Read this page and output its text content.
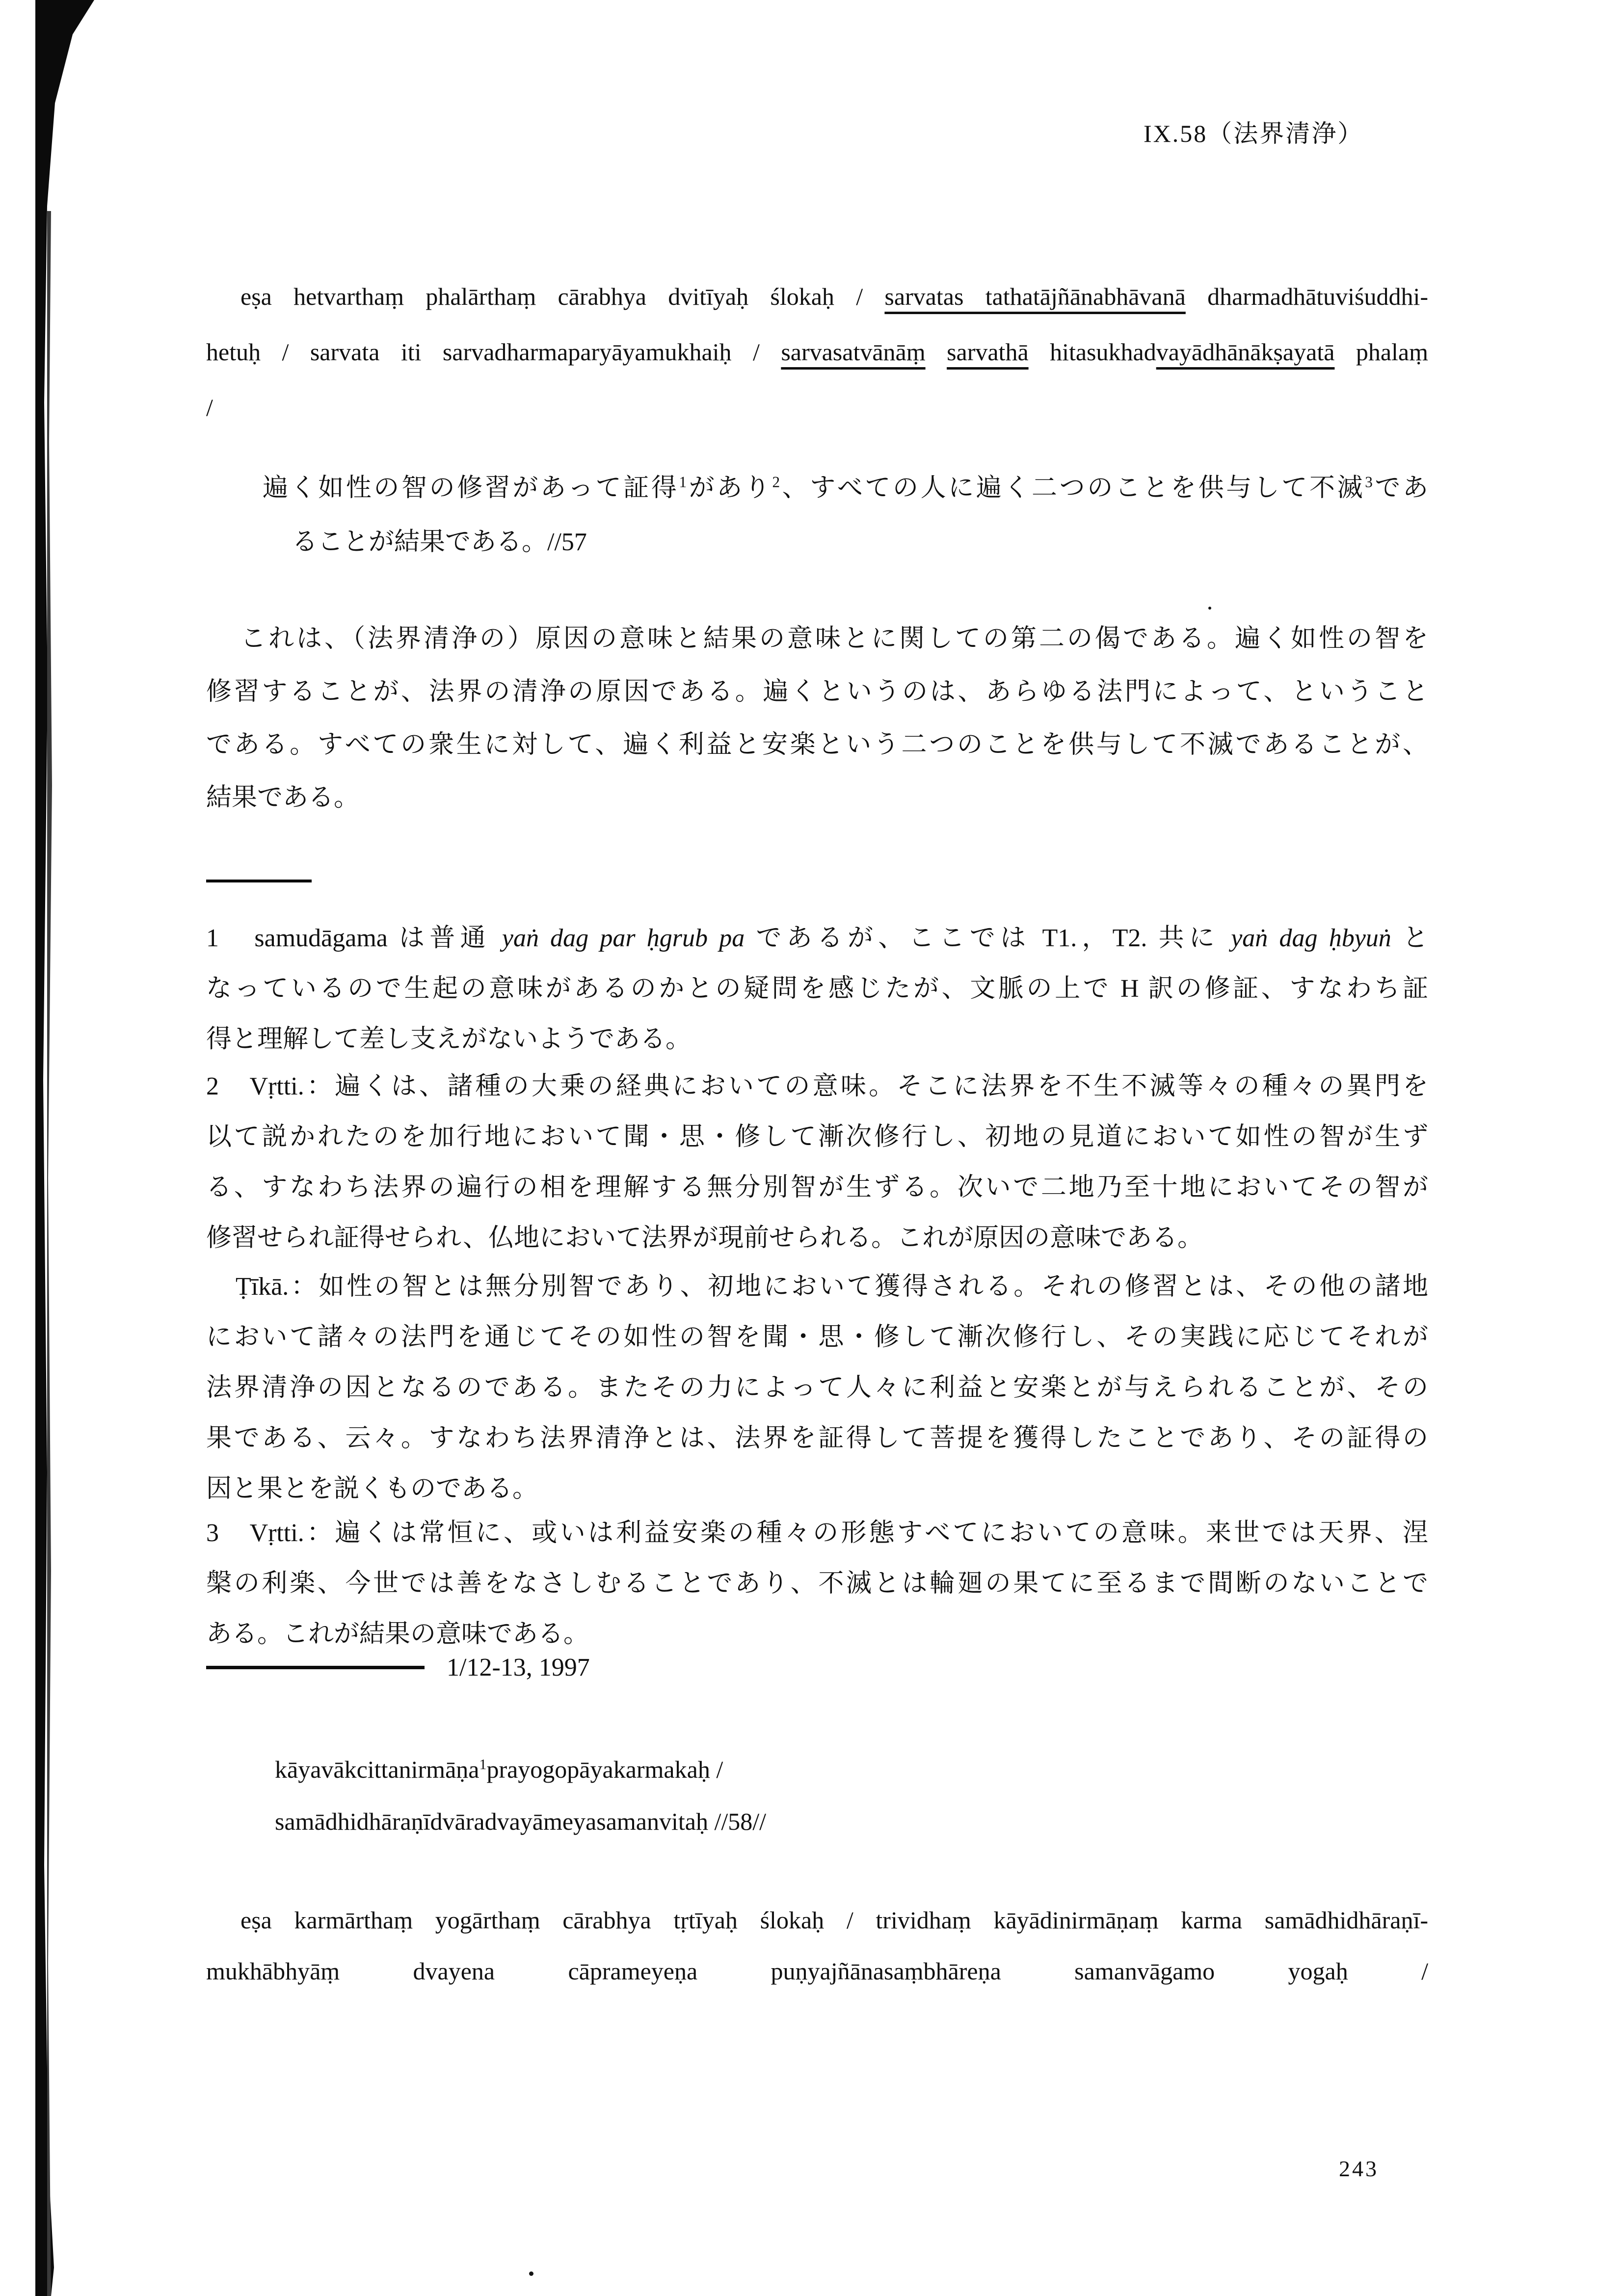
IX.58（法界清浄）
eṣa hetvarthaṃ phalārthaṃ cārabhya dvitīyaḥ ślokaḥ / sarvatas tathatājñānabhāvanā dharmadhātuviśuddhi-
hetuḥ / sarvata iti sarvadharmaparyāyamukhaiḥ / sarvasatvānāṃ sarvathā hitasukhadvayādhānākṣayatā phalaṃ
/
遍く如性の智の修習があって証得$^1$があり$^2$、すべての人に遍く二つのことを供与して不滅$^3$であ
ることが結果である。//57
これは、（法界清浄の）原因の意味と結果の意味とに関しての第二の偈である。遍く如性の智を
修習することが、法界の清浄の原因である。遍くというのは、あらゆる法門によって、ということ
である。すべての衆生に対して、遍く利益と安楽という二つのことを供与して不滅であることが、
結果である。
1　samudāgama は普通 yaṅ dag par ḥgrub pa であるが、ここでは T1.，T2. 共に yaṅ dag ḥbyuṅ と
なっているので生起の意味があるのかとの疑問を感じたが、文脈の上で H 訳の修証、すなわち証
得と理解して差し支えがないようである。
2　Vṛtti.：遍くは、諸種の大乗の経典においての意味。そこに法界を不生不滅等々の種々の異門を
以て説かれたのを加行地において聞・思・修して漸次修行し、初地の見道において如性の智が生ず
る、すなわち法界の遍行の相を理解する無分別智が生ずる。次いで二地乃至十地においてその智が
修習せられ証得せられ、仏地において法界が現前せられる。これが原因の意味である。
Ṭīkā.：如性の智とは無分別智であり、初地において獲得される。それの修習とは、その他の諸地
において諸々の法門を通じてその如性の智を聞・思・修して漸次修行し、その実践に応じてそれが
法界清浄の因となるのである。またその力によって人々に利益と安楽とが与えられることが、その
果である、云々。すなわち法界清浄とは、法界を証得して菩提を獲得したことであり、その証得の
因と果とを説くものである。
3　Vṛtti.：遍くは常恒に、或いは利益安楽の種々の形態すべてにおいての意味。来世では天界、涅
槃の利楽、今世では善をなさしむることであり、不滅とは輪廻の果てに至るまで間断のないことで
ある。これが結果の意味である。
1/12-13, 1997
kāyavākcittanirmāṇa$^1$prayogopāyakarmakaḥ /
samādhidhāraṇīdvāradvayāmeyasamanvitaḥ //58//
eṣa karmārthaṃ yogārthaṃ cārabhya tṛtīyaḥ ślokaḥ / trividhaṃ kāyādinirmāṇaṃ karma samādhidhāraṇī-
mukhābhyāṃ dvayena cāprameyeṇa puṇyajñānasaṃbhāreṇa samanvāgamo yogaḥ /
243
